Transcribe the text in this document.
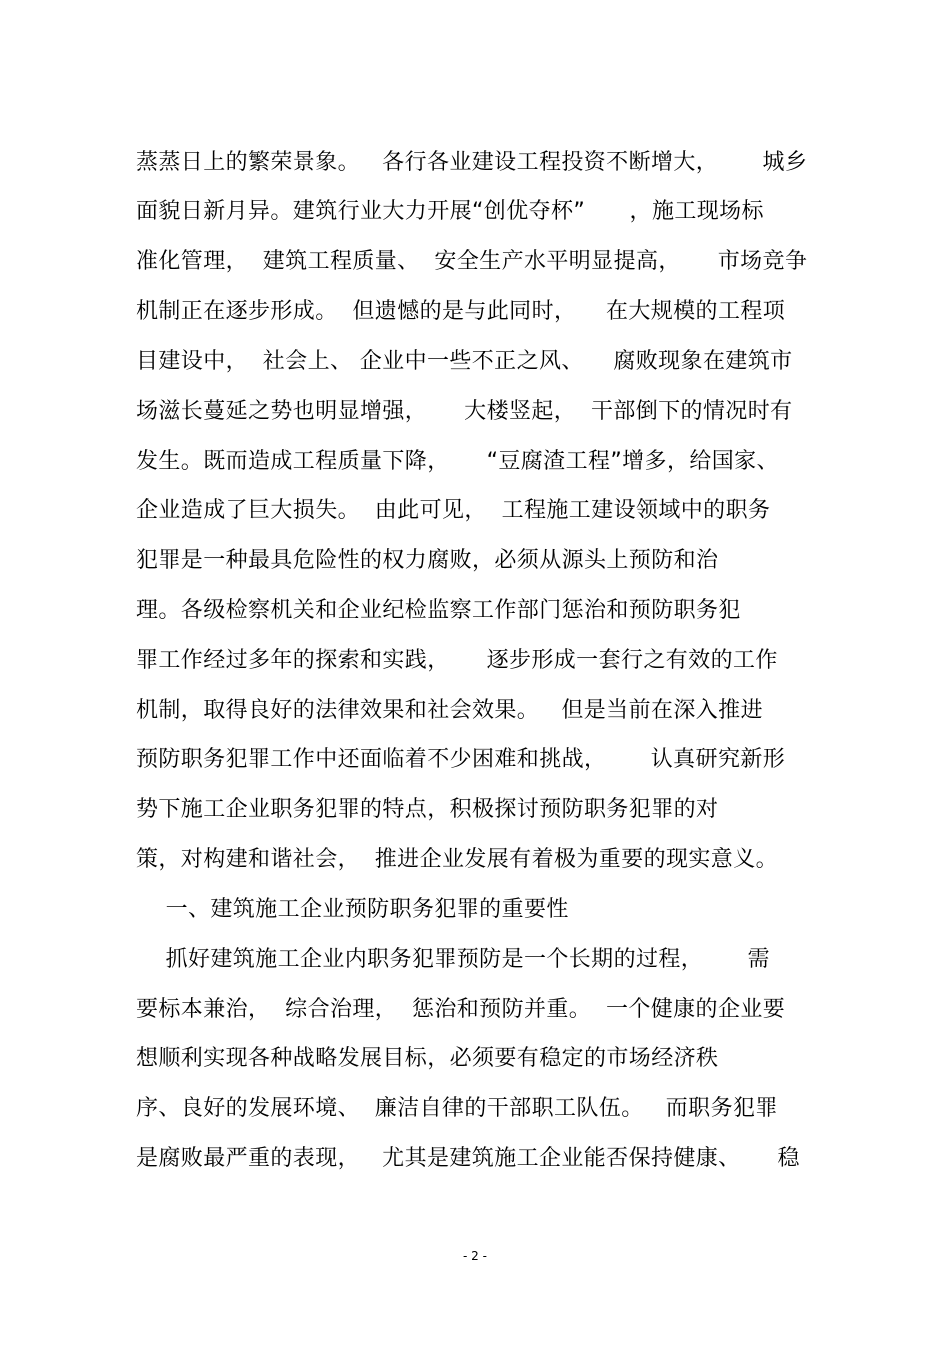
蒸蒸日上的繁荣景象。   各行各业建设工程投资不断增大，      城乡
面貌日新月异。建筑行业大力开展“创优夺杯”      ，施工现场标
准化管理，  建筑工程质量、  安全生产水平明显提高，     市场竞争
机制正在逐步形成。  但遗憾的是与此同时，    在大规模的工程项
目建设中，  社会上、 企业中一些不正之风、    腐败现象在建筑市
场滋长蔓延之势也明显增强，     大楼竖起，  干部倒下的情况时有
发生。既而造成工程质量下降，     “豆腐渣工程”增多，给国家、
企业造成了巨大损失。  由此可见，  工程施工建设领域中的职务
犯罪是一种最具危险性的权力腐败，必须从源头上预防和治
理。各级检察机关和企业纪检监察工作部门惩治和预防职务犯
罪工作经过多年的探索和实践，     逐步形成一套行之有效的工作
机制，取得良好的法律效果和社会效果。   但是当前在深入推进
预防职务犯罪工作中还面临着不少困难和挑战，      认真研究新形
势下施工企业职务犯罪的特点，积极探讨预防职务犯罪的对
策，对构建和谐社会，  推进企业发展有着极为重要的现实意义。
一、建筑施工企业预防职务犯罪的重要性
抓好建筑施工企业内职务犯罪预防是一个长期的过程，      需
要标本兼治，  综合治理，  惩治和预防并重。  一个健康的企业要
想顺利实现各种战略发展目标，必须要有稳定的市场经济秩
序、良好的发展环境、  廉洁自律的干部职工队伍。   而职务犯罪
是腐败最严重的表现，   尤其是建筑施工企业能否保持健康、     稳
- 2 -
